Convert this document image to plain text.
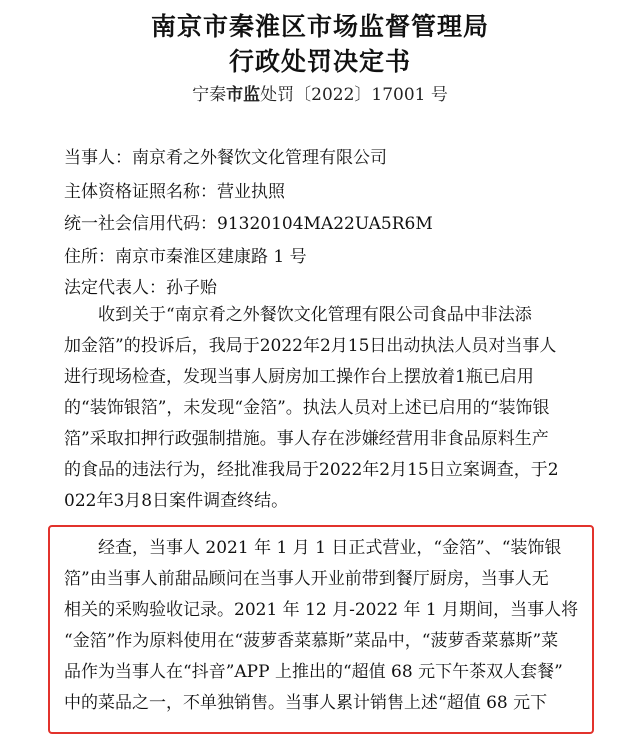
南京市秦淮区市场监督管理局
行政处罚决定书
宁秦市监处罚〔2022〕17001 号
当事人：南京肴之外餐饮文化管理有限公司
主体资格证照名称：营业执照
统一社会信用代码：91320104MA22UA5R6M
住所：南京市秦淮区建康路 1 号
法定代表人：孙子贻
　　收到关于“南京肴之外餐饮文化管理有限公司食品中非法添
加金箔”的投诉后，我局于2022年2月15日出动执法人员对当事人
进行现场检查，发现当事人厨房加工操作台上摆放着1瓶已启用
的“装饰银箔”，未发现“金箔”。执法人员对上述已启用的“装饰银
箔”采取扣押行政强制措施。事人存在涉嫌经营用非食品原料生产
的食品的违法行为，经批准我局于2022年2月15日立案调查，于2
022年3月8日案件调查终结。
　　经查，当事人 2021 年 1 月 1 日正式营业，“金箔”、“装饰银
箔”由当事人前甜品顾问在当事人开业前带到餐厅厨房，当事人无
相关的采购验收记录。2021 年 12 月-2022 年 1 月期间，当事人将
“金箔”作为原料使用在“菠萝香菜慕斯”菜品中，“菠萝香菜慕斯”菜
品作为当事人在“抖音”APP 上推出的“超值 68 元下午茶双人套餐”
中的菜品之一，不单独销售。当事人累计销售上述“超值 68 元下
